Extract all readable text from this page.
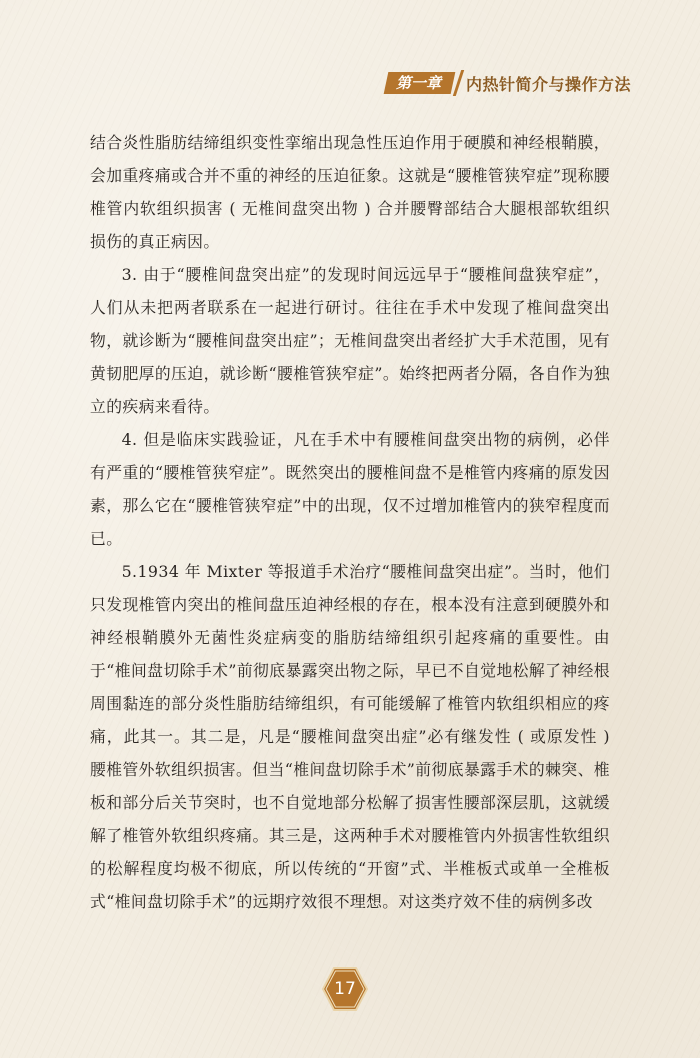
第一章	内热针简介与操作方法

结合炎性脂肪结缔组织变性挛缩出现急性压迫作用于硬膜和神经根鞘膜，会加重疼痛或合并不重的神经的压迫征象。这就是“腰椎管狭窄症”现称腰椎管内软组织损害 ( 无椎间盘突出物 ) 合并腰臀部结合大腿根部软组织损伤的真正病因。

3. 由于“腰椎间盘突出症”的发现时间远远早于“腰椎间盘狭窄症”，人们从未把两者联系在一起进行研讨。往往在手术中发现了椎间盘突出物，就诊断为“腰椎间盘突出症”；无椎间盘突出者经扩大手术范围，见有黄韧肥厚的压迫，就诊断“腰椎管狭窄症”。始终把两者分隔，各自作为独立的疾病来看待。

4. 但是临床实践验证，凡在手术中有腰椎间盘突出物的病例，必伴有严重的“腰椎管狭窄症”。既然突出的腰椎间盘不是椎管内疼痛的原发因素，那么它在“腰椎管狭窄症”中的出现，仅不过增加椎管内的狭窄程度而已。

5.1934 年 Mixter 等报道手术治疗“腰椎间盘突出症”。当时，他们只发现椎管内突出的椎间盘压迫神经根的存在，根本没有注意到硬膜外和神经根鞘膜外无菌性炎症病变的脂肪结缔组织引起疼痛的重要性。由于“椎间盘切除手术”前彻底暴露突出物之际，早已不自觉地松解了神经根周围黏连的部分炎性脂肪结缔组织，有可能缓解了椎管内软组织相应的疼痛，此其一。其二是，凡是“腰椎间盘突出症”必有继发性 ( 或原发性 ) 腰椎管外软组织损害。但当“椎间盘切除手术”前彻底暴露手术的棘突、椎板和部分后关节突时，也不自觉地部分松解了损害性腰部深层肌，这就缓解了椎管外软组织疼痛。其三是，这两种手术对腰椎管内外损害性软组织的松解程度均极不彻底，所以传统的“开窗”式、半椎板式或单一全椎板式“椎间盘切除手术”的远期疗效很不理想。对这类疗效不佳的病例多改

17
